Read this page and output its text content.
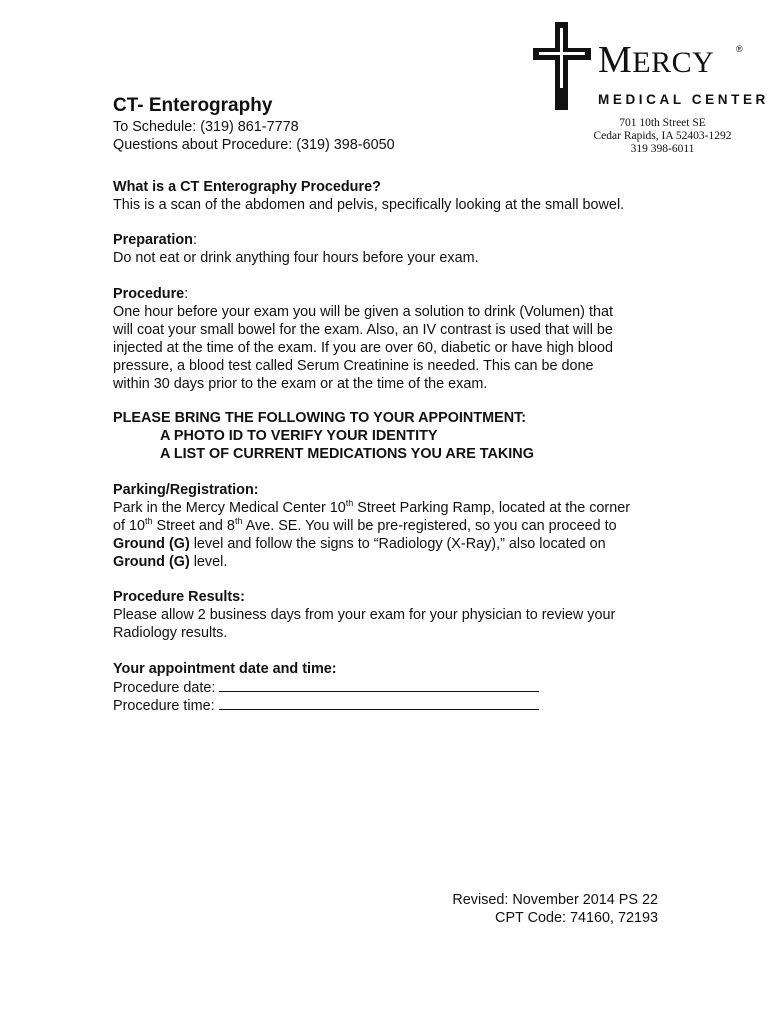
MERCY ®
MEDICAL CENTER
701 10th Street SE
Cedar Rapids, IA 52403-1292
319 398-6011
CT- Enterography
To Schedule: (319) 861-7778
Questions about Procedure: (319) 398-6050
What is a CT Enterography Procedure?
This is a scan of the abdomen and pelvis, specifically looking at the small bowel.
Preparation:
Do not eat or drink anything four hours before your exam.
Procedure:
One hour before your exam you will be given a solution to drink (Volumen) that
will coat your small bowel for the exam. Also, an IV contrast is used that will be
injected at the time of the exam. If you are over 60, diabetic or have high blood
pressure, a blood test called Serum Creatinine is needed. This can be done
within 30 days prior to the exam or at the time of the exam.
PLEASE BRING THE FOLLOWING TO YOUR APPOINTMENT:
A PHOTO ID TO VERIFY YOUR IDENTITY
A LIST OF CURRENT MEDICATIONS YOU ARE TAKING
Parking/Registration:
Park in the Mercy Medical Center 10th Street Parking Ramp, located at the corner
of 10th Street and 8th Ave. SE. You will be pre-registered, so you can proceed to
Ground (G) level and follow the signs to “Radiology (X-Ray),” also located on
Ground (G) level.
Procedure Results:
Please allow 2 business days from your exam for your physician to review your
Radiology results.
Your appointment date and time:
Procedure date:
Procedure time:
Revised: November 2014 PS 22
CPT Code: 74160, 72193
